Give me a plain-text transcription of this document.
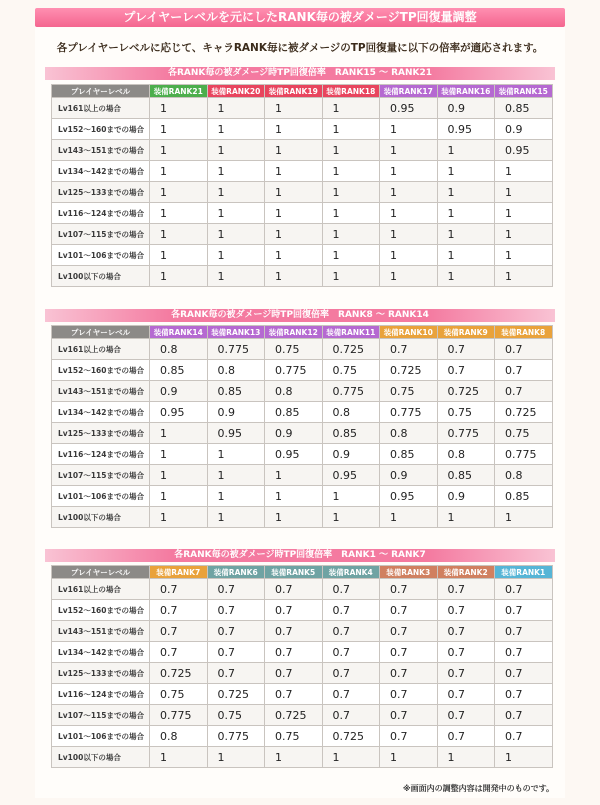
プレイヤーレベルを元にしたRANK毎の被ダメージTP回復量調整
各プレイヤーレベルに応じて、キャラRANK毎に被ダメージのTP回復量に以下の倍率が適応されます。
各RANK毎の被ダメージ時TP回復倍率　RANK15 ～ RANK21
プレイヤーレベル	装備RANK21	装備RANK20	装備RANK19	装備RANK18	装備RANK17	装備RANK16	装備RANK15
Lv161以上の場合	1	1	1	1	0.95	0.9	0.85
Lv152～160までの場合	1	1	1	1	1	0.95	0.9
Lv143～151までの場合	1	1	1	1	1	1	0.95
Lv134～142までの場合	1	1	1	1	1	1	1
Lv125～133までの場合	1	1	1	1	1	1	1
Lv116～124までの場合	1	1	1	1	1	1	1
Lv107～115までの場合	1	1	1	1	1	1	1
Lv101～106までの場合	1	1	1	1	1	1	1
Lv100以下の場合	1	1	1	1	1	1	1
各RANK毎の被ダメージ時TP回復倍率　RANK8 ～ RANK14
プレイヤーレベル	装備RANK14	装備RANK13	装備RANK12	装備RANK11	装備RANK10	装備RANK9	装備RANK8
Lv161以上の場合	0.8	0.775	0.75	0.725	0.7	0.7	0.7
Lv152～160までの場合	0.85	0.8	0.775	0.75	0.725	0.7	0.7
Lv143～151までの場合	0.9	0.85	0.8	0.775	0.75	0.725	0.7
Lv134～142までの場合	0.95	0.9	0.85	0.8	0.775	0.75	0.725
Lv125～133までの場合	1	0.95	0.9	0.85	0.8	0.775	0.75
Lv116～124までの場合	1	1	0.95	0.9	0.85	0.8	0.775
Lv107～115までの場合	1	1	1	0.95	0.9	0.85	0.8
Lv101～106までの場合	1	1	1	1	0.95	0.9	0.85
Lv100以下の場合	1	1	1	1	1	1	1
各RANK毎の被ダメージ時TP回復倍率　RANK1 ～ RANK7
プレイヤーレベル	装備RANK7	装備RANK6	装備RANK5	装備RANK4	装備RANK3	装備RANK2	装備RANK1
Lv161以上の場合	0.7	0.7	0.7	0.7	0.7	0.7	0.7
Lv152～160までの場合	0.7	0.7	0.7	0.7	0.7	0.7	0.7
Lv143～151までの場合	0.7	0.7	0.7	0.7	0.7	0.7	0.7
Lv134～142までの場合	0.7	0.7	0.7	0.7	0.7	0.7	0.7
Lv125～133までの場合	0.725	0.7	0.7	0.7	0.7	0.7	0.7
Lv116～124までの場合	0.75	0.725	0.7	0.7	0.7	0.7	0.7
Lv107～115までの場合	0.775	0.75	0.725	0.7	0.7	0.7	0.7
Lv101～106までの場合	0.8	0.775	0.75	0.725	0.7	0.7	0.7
Lv100以下の場合	1	1	1	1	1	1	1
※画面内の調整内容は開発中のものです。
